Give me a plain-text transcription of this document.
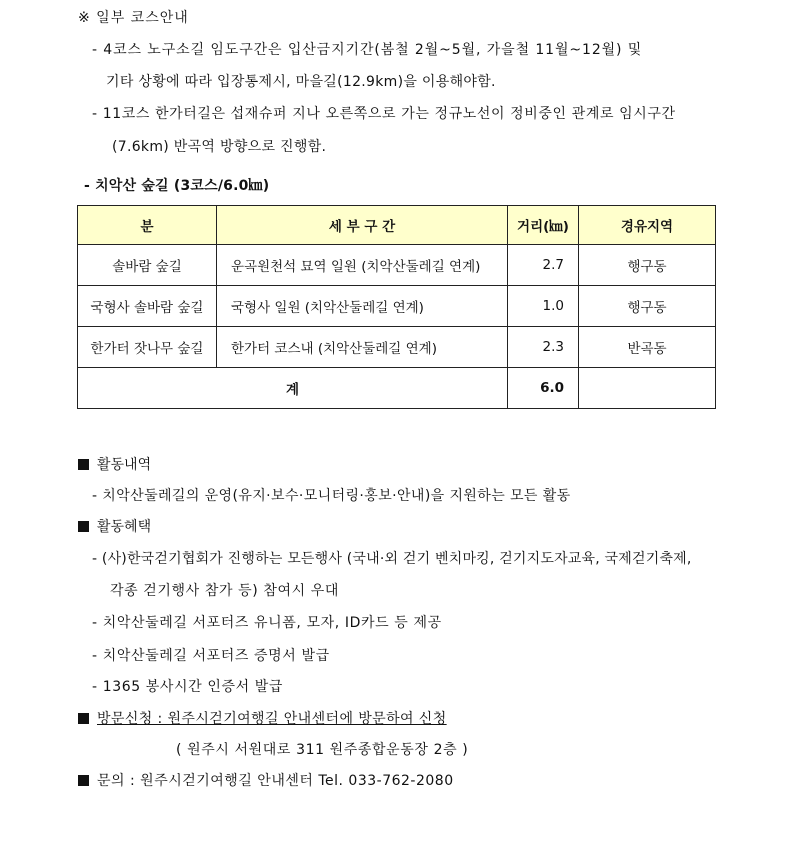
※ 일부 코스안내
- 4코스 노구소길 임도구간은 입산금지기간(봄철 2월~5월, 가을철 11월~12월) 및
기타 상황에 따라 입장통제시, 마을길(12.9km)을 이용해야함.
- 11코스 한가터길은 섭재슈퍼 지나 오른쪽으로 가는 정규노선이 정비중인 관계로 임시구간
(7.6km) 반곡역 방향으로 진행함.
- 치악산 숲길 (3코스/6.0㎞)
분	세 부 구 간	거리(㎞)	경유지역
솔바람 숲길	운곡원천석 묘역 일원 (치악산둘레길 연계)	2.7	행구동
국형사 솔바람 숲길	국형사 일원 (치악산둘레길 연계)	1.0	행구동
한가터 잣나무 숲길	한가터 코스내 (치악산둘레길 연계)	2.3	반곡동
계		6.0	
활동내역
- 치악산둘레길의 운영(유지·보수·모니터링·홍보·안내)을 지원하는 모든 활동
활동혜택
- (사)한국걷기협회가 진행하는 모든행사 (국내·외 걷기 벤치마킹, 걷기지도자교육, 국제걷기축제,
각종 걷기행사 참가 등) 참여시 우대
- 치악산둘레길 서포터즈 유니폼, 모자, ID카드 등 제공
- 치악산둘레길 서포터즈 증명서 발급
- 1365 봉사시간 인증서 발급
방문신청 : 원주시걷기여행길 안내센터에 방문하여 신청
( 원주시 서원대로 311 원주종합운동장 2층 )
문의 : 원주시걷기여행길 안내센터 Tel. 033-762-2080
